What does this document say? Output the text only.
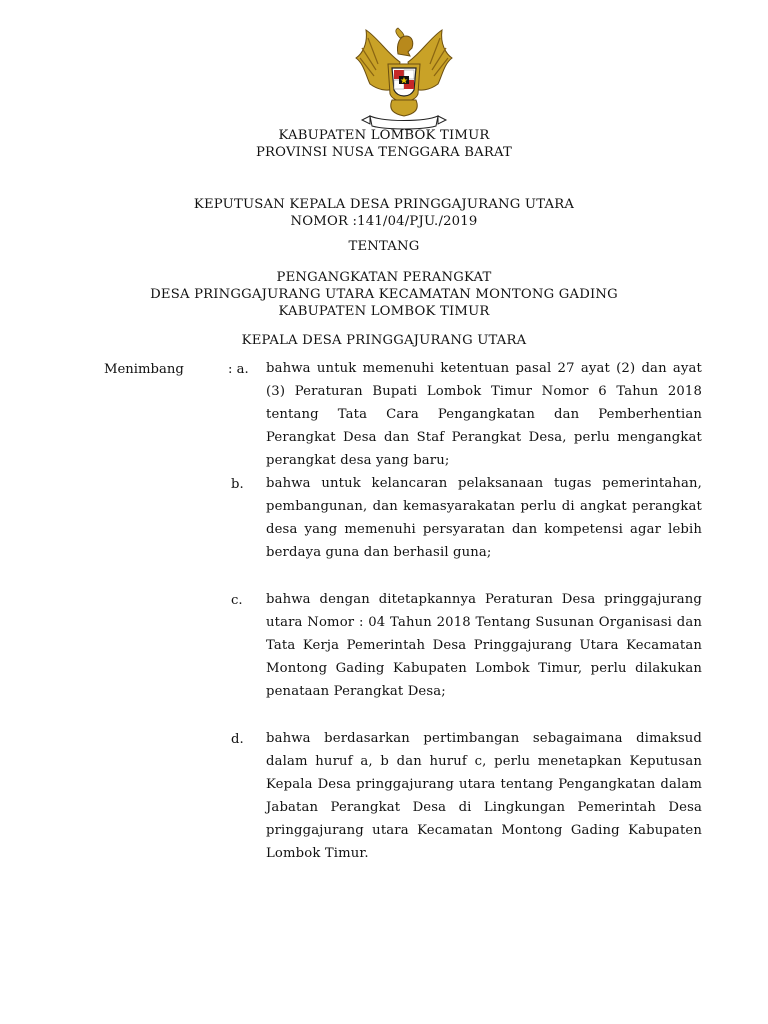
KABUPATEN LOMBOK TIMUR
PROVINSI NUSA TENGGARA BARAT
KEPUTUSAN KEPALA DESA PRINGGAJURANG UTARA
NOMOR :141/04/PJU./2019
TENTANG
PENGANGKATAN PERANGKAT
DESA PRINGGAJURANG UTARA KECAMATAN MONTONG GADING
KABUPATEN LOMBOK TIMUR
KEPALA DESA PRINGGAJURANG UTARA
Menimbang	: a. bahwa untuk memenuhi ketentuan pasal 27 ayat (2) dan ayat (3) Peraturan Bupati Lombok Timur Nomor 6 Tahun 2018 tentang Tata Cara Pengangkatan dan Pemberhentian Perangkat Desa dan Staf Perangkat Desa, perlu mengangkat perangkat desa yang baru;
b. bahwa untuk kelancaran pelaksanaan tugas pemerintahan, pembangunan, dan kemasyarakatan perlu di angkat perangkat desa yang memenuhi persyaratan dan kompetensi agar lebih berdaya guna dan berhasil guna;
c. bahwa dengan ditetapkannya Peraturan Desa pringgajurang utara Nomor : 04 Tahun 2018 Tentang Susunan Organisasi dan Tata Kerja Pemerintah Desa Pringgajurang Utara Kecamatan Montong Gading Kabupaten Lombok Timur, perlu dilakukan penataan Perangkat Desa;
d. bahwa berdasarkan pertimbangan sebagaimana dimaksud dalam huruf a, b dan huruf c, perlu menetapkan Keputusan Kepala Desa pringgajurang utara tentang Pengangkatan dalam Jabatan Perangkat Desa di Lingkungan Pemerintah Desa pringgajurang utara Kecamatan Montong Gading Kabupaten Lombok Timur.
